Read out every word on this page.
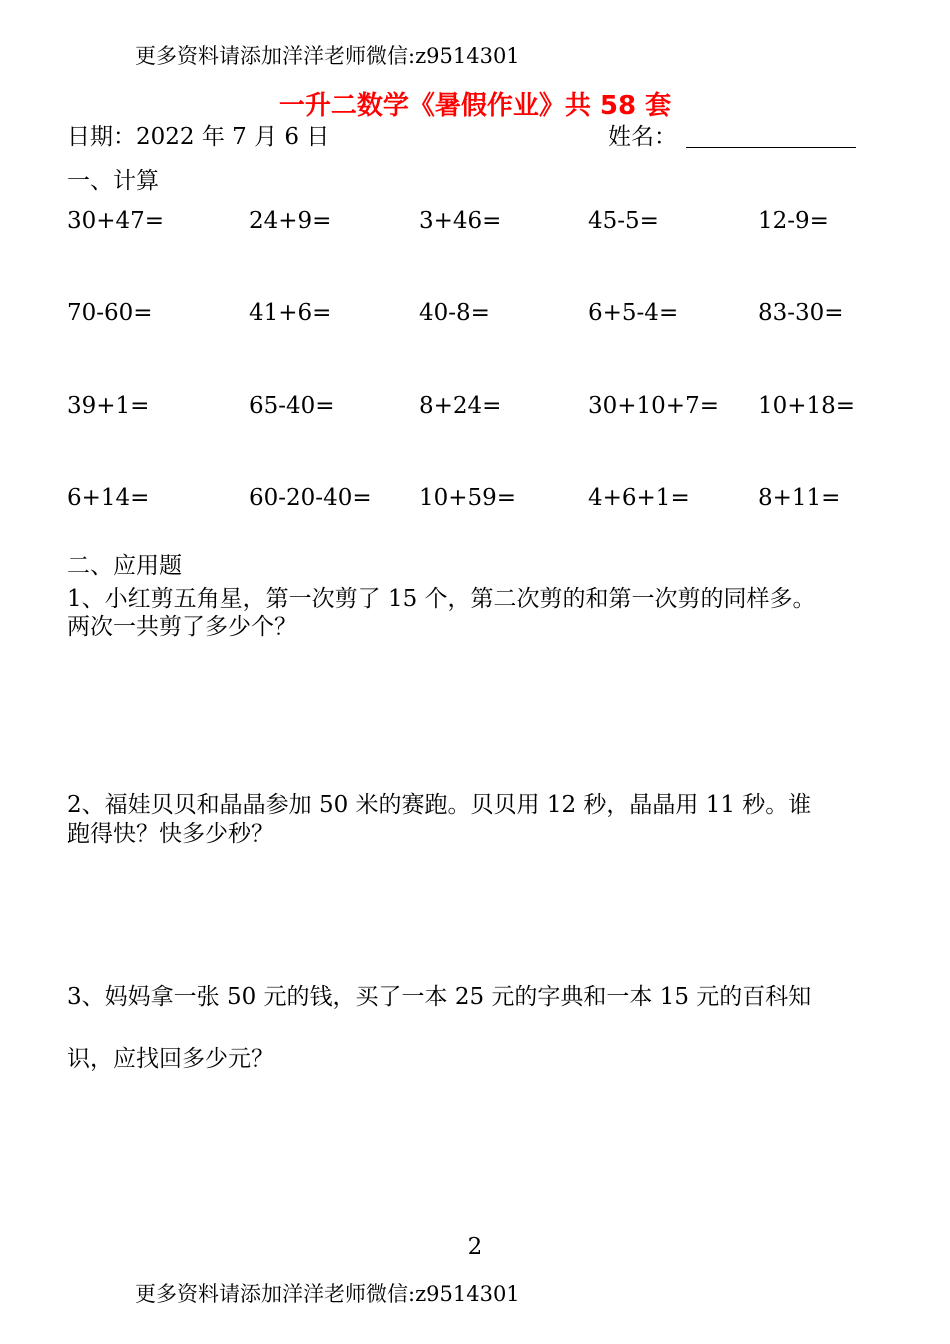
更多资料请添加洋洋老师微信:z9514301
一升二数学《暑假作业》共 58 套
日期：2022 年 7 月 6 日	姓名：
一、计算
30+47=	24+9=	3+46=	45-5=	12-9=
70-60=	41+6=	40-8=	6+5-4=	83-30=
39+1=	65-40=	8+24=	30+10+7= 10+18=
6+14=	60-20-40= 10+59=	4+6+1=	8+11=
二、应用题
1、小红剪五角星，第一次剪了 15 个，第二次剪的和第一次剪的同样多。
两次一共剪了多少个？
2、福娃贝贝和晶晶参加 50 米的赛跑。贝贝用 12 秒，晶晶用 11 秒。谁
跑得快？快多少秒？
3、妈妈拿一张 50 元的钱，买了一本 25 元的字典和一本 15 元的百科知
识，应找回多少元？
2
更多资料请添加洋洋老师微信:z9514301
